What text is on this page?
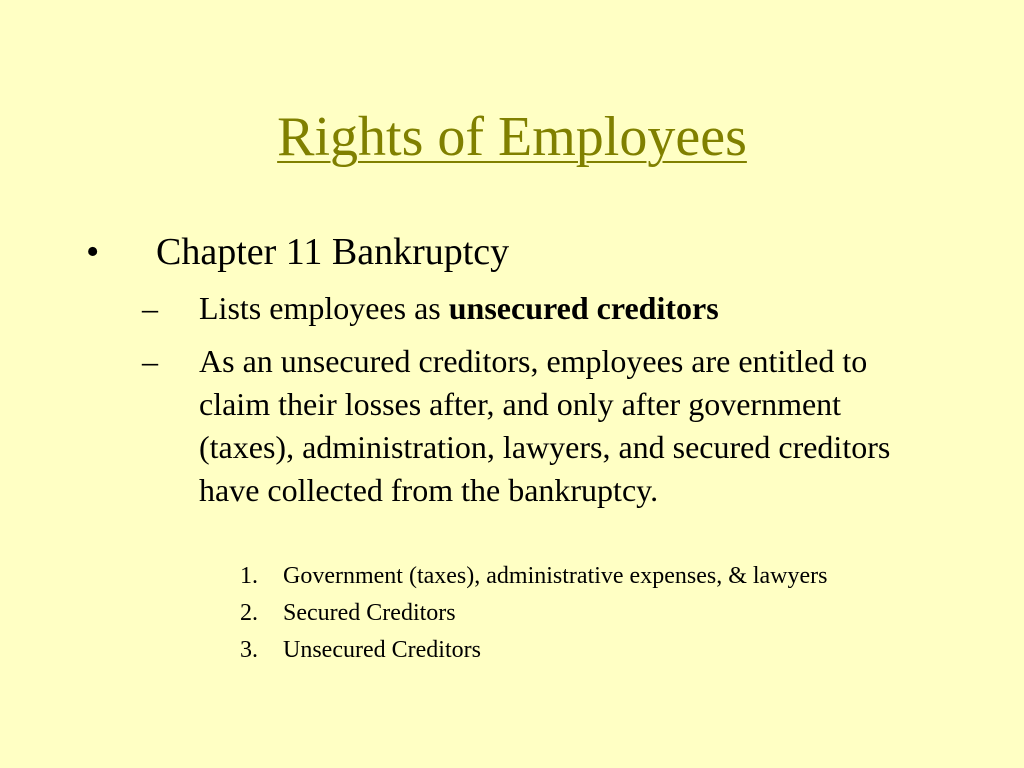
Rights of Employees
• Chapter 11 Bankruptcy
– Lists employees as unsecured creditors
– As an unsecured creditors, employees are entitled to claim their losses after, and only after government (taxes), administration, lawyers, and secured creditors have collected from the bankruptcy.
1. Government (taxes), administrative expenses, & lawyers
2. Secured Creditors
3. Unsecured Creditors
